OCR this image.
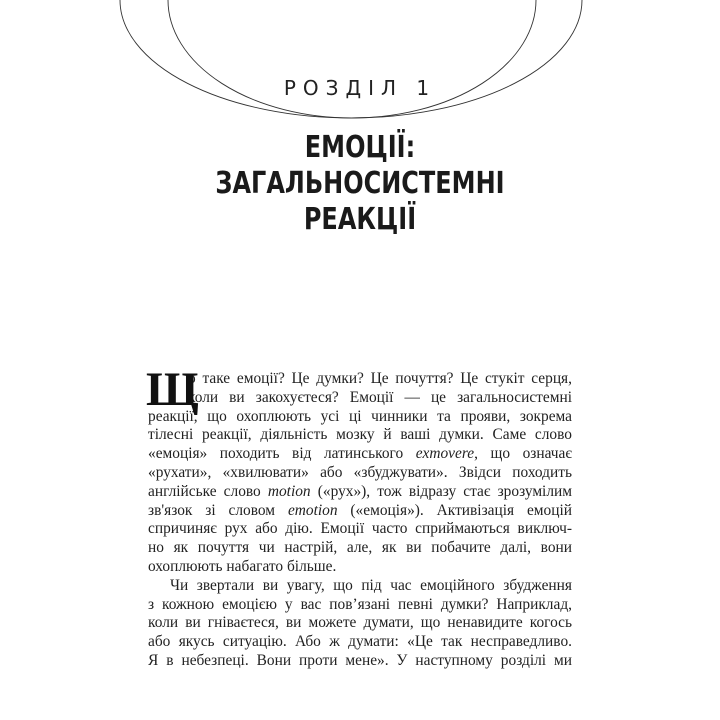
РОЗДІЛ 1
ЕМОЦІЇ:
ЗАГАЛЬНОСИСТЕМНІ
РЕАКЦІЇ
Щ
о таке емоції? Це думки? Це почуття? Це стукіт серця,
коли ви закохуєтеся? Емоції — це загальносистемні
реакції, що охоплюють усі ці чинники та прояви, зокрема
тілесні реакції, діяльність мозку й ваші думки. Саме слово
«емоція» походить від латинського exmovere, що означає
«рухати», «хвилювати» або «збуджувати». Звідси походить
англійське слово motion («рух»), тож відразу стає зрозумілим
зв'язок зі словом emotion («емоція»). Активізація емоцій
спричиняє рух або дію. Емоції часто сприймаються виключ-
но як почуття чи настрій, але, як ви побачите далі, вони
охоплюють набагато більше.
Чи звертали ви увагу, що під час емоційного збудження
з кожною емоцією у вас пов’язані певні думки? Наприклад,
коли ви гніваєтеся, ви можете думати, що ненавидите когось
або якусь ситуацію. Або ж думати: «Це так несправедливо.
Я в небезпеці. Вони проти мене». У наступному розділі ми
